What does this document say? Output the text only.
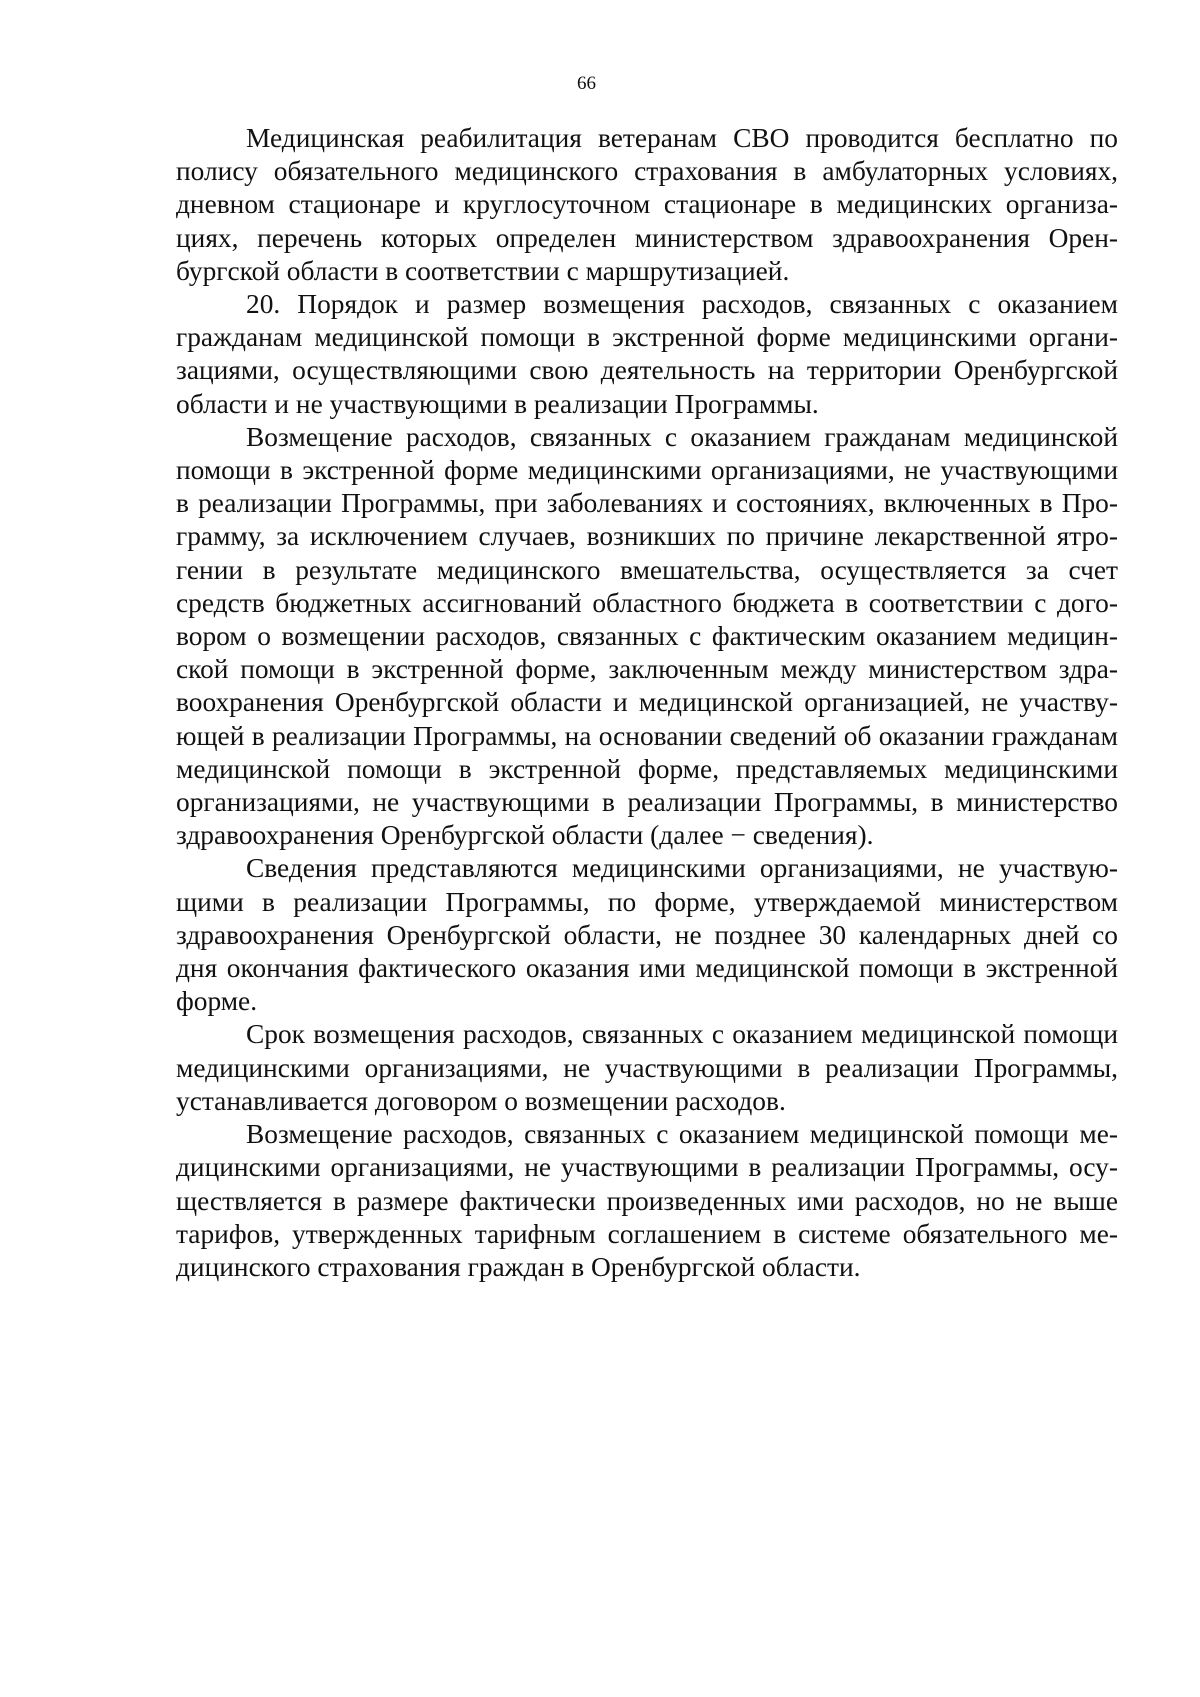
66

Медицинская реабилитация ветеранам СВО проводится бесплатно по полису обязательного медицинского страхования в амбулаторных условиях, дневном стационаре и круглосуточном стационаре в медицинских организациях, перечень которых определен министерством здравоохранения Оренбургской области в соответствии с маршрутизацией.

20. Порядок и размер возмещения расходов, связанных с оказанием гражданам медицинской помощи в экстренной форме медицинскими организациями, осуществляющими свою деятельность на территории Оренбургской области и не участвующими в реализации Программы.

Возмещение расходов, связанных с оказанием гражданам медицинской помощи в экстренной форме медицинскими организациями, не участвующими в реализации Программы, при заболеваниях и состояниях, включенных в Программу, за исключением случаев, возникших по причине лекарственной ятрогении в результате медицинского вмешательства, осуществляется за счет средств бюджетных ассигнований областного бюджета в соответствии с договором о возмещении расходов, связанных с фактическим оказанием медицинской помощи в экстренной форме, заключенным между министерством здравоохранения Оренбургской области и медицинской организацией, не участвующей в реализации Программы, на основании сведений об оказании гражданам медицинской помощи в экстренной форме, представляемых медицинскими организациями, не участвующими в реализации Программы, в министерство здравоохранения Оренбургской области (далее − сведения).

Сведения представляются медицинскими организациями, не участвующими в реализации Программы, по форме, утверждаемой министерством здравоохранения Оренбургской области, не позднее 30 календарных дней со дня окончания фактического оказания ими медицинской помощи в экстренной форме.

Срок возмещения расходов, связанных с оказанием медицинской помощи медицинскими организациями, не участвующими в реализации Программы, устанавливается договором о возмещении расходов.

Возмещение расходов, связанных с оказанием медицинской помощи медицинскими организациями, не участвующими в реализации Программы, осуществляется в размере фактически произведенных ими расходов, но не выше тарифов, утвержденных тарифным соглашением в системе обязательного медицинского страхования граждан в Оренбургской области.
